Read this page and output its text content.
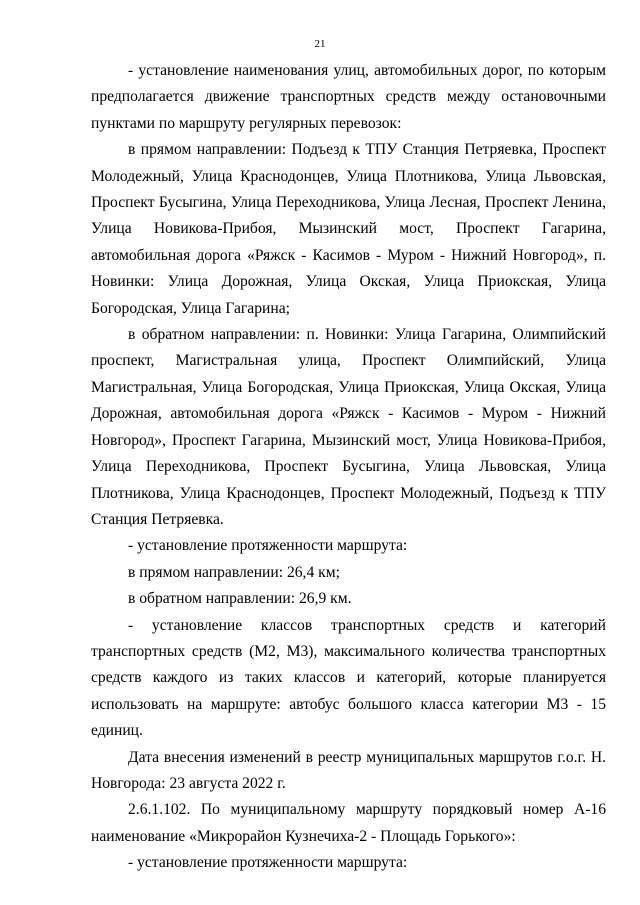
21

- установление наименования улиц, автомобильных дорог, по которым предполагается движение транспортных средств между остановочными пунктами по маршруту регулярных перевозок:

в прямом направлении: Подъезд к ТПУ Станция Петряевка, Проспект Молодежный, Улица Краснодонцев, Улица Плотникова, Улица Львовская, Проспект Бусыгина, Улица Переходникова, Улица Лесная, Проспект Ленина, Улица Новикова-Прибоя, Мызинский мост, Проспект Гагарина, автомобильная дорога «Ряжск - Касимов - Муром - Нижний Новгород», п. Новинки: Улица Дорожная, Улица Окская, Улица Приокская, Улица Богородская, Улица Гагарина;

в обратном направлении: п. Новинки: Улица Гагарина, Олимпийский проспект, Магистральная улица, Проспект Олимпийский, Улица Магистральная, Улица Богородская, Улица Приокская, Улица Окская, Улица Дорожная, автомобильная дорога «Ряжск - Касимов - Муром - Нижний Новгород», Проспект Гагарина, Мызинский мост, Улица Новикова-Прибоя, Улица Переходникова, Проспект Бусыгина, Улица Львовская, Улица Плотникова, Улица Краснодонцев, Проспект Молодежный, Подъезд к ТПУ Станция Петряевка.

- установление протяженности маршрута:

в прямом направлении: 26,4 км;

в обратном направлении: 26,9 км.

- установление классов транспортных средств и категорий транспортных средств (М2, М3), максимального количества транспортных средств каждого из таких классов и категорий, которые планируется использовать на маршруте: автобус большого класса категории М3 - 15 единиц.

Дата внесения изменений в реестр муниципальных маршрутов г.о.г. Н. Новгорода: 23 августа 2022 г.

2.6.1.102. По муниципальному маршруту порядковый номер А-16 наименование «Микрорайон Кузнечиха-2 - Площадь Горького»:

- установление протяженности маршрута:
